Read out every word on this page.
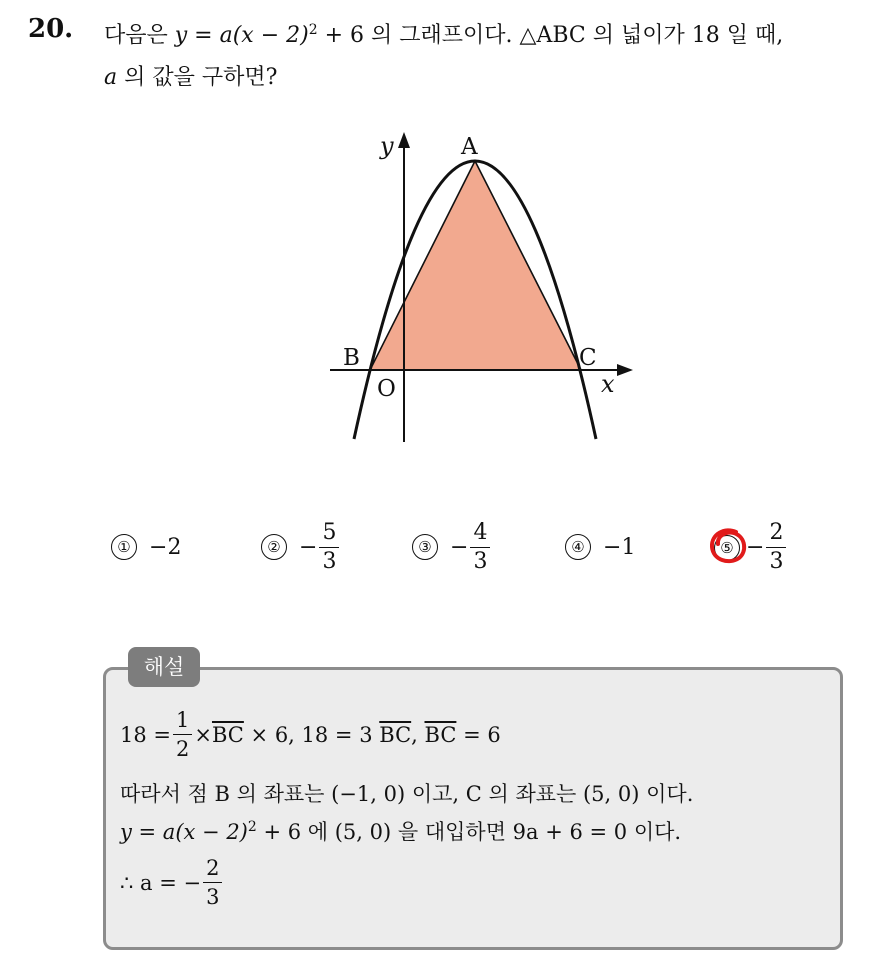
20. 다음은 $y = a(x - 2)^2 + 6$ 의 그래프이다. △ABC 의 넓이가 18 일 때,
a 의 값을 구하면?
y
x
O
A
B	C
① − 2	② − $\frac{5}{3}$	③ − $\frac{4}{3}$	④ − 1	⑤ − $\frac{2}{3}$
해설
$18 = \frac{1}{2} \times \overline{BC} \times 6$, 18 = 3 $\overline{BC}$ , $\overline{BC} = 6$
따라서 점 B 의 좌표는 (−1, 0) 이고, C 의 좌표는 (5, 0) 이다.
$y = a(x - 2)^2 + 6$ 에 (5, 0) 을 대입하면 9a + 6 = 0 이다.
∴ a = − $\frac{2}{3}$
